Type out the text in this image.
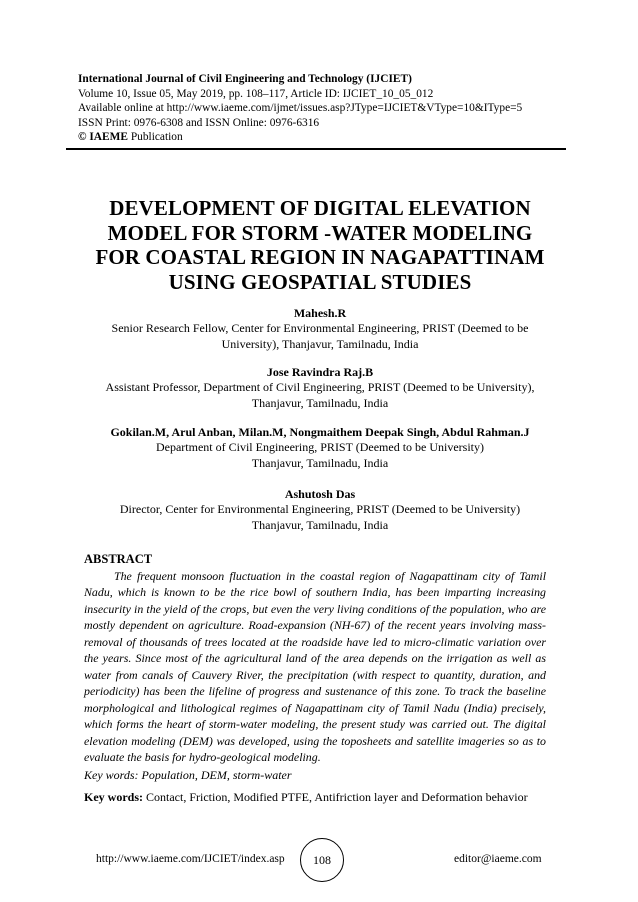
International Journal of Civil Engineering and Technology (IJCIET)
Volume 10, Issue 05, May 2019, pp. 108–117, Article ID: IJCIET_10_05_012
Available online at http://www.iaeme.com/ijmet/issues.asp?JType=IJCIET&VType=10&IType=5
ISSN Print: 0976-6308 and ISSN Online: 0976-6316
© IAEME Publication
DEVELOPMENT OF DIGITAL ELEVATION
MODEL FOR STORM -WATER MODELING
FOR COASTAL REGION IN NAGAPATTINAM
USING GEOSPATIAL STUDIES
Mahesh.R
Senior Research Fellow, Center for Environmental Engineering, PRIST (Deemed to be
University), Thanjavur, Tamilnadu, India
Jose Ravindra Raj.B
Assistant Professor, Department of Civil Engineering, PRIST (Deemed to be University),
Thanjavur, Tamilnadu, India
Gokilan.M, Arul Anban, Milan.M, Nongmaithem Deepak Singh, Abdul Rahman.J
Department of Civil Engineering, PRIST (Deemed to be University)
Thanjavur, Tamilnadu, India
Ashutosh Das
Director, Center for Environmental Engineering, PRIST (Deemed to be University)
Thanjavur, Tamilnadu, India
ABSTRACT

The frequent monsoon fluctuation in the coastal region of Nagapattinam city of Tamil Nadu, which is known to be the rice bowl of southern India, has been imparting increasing insecurity in the yield of the crops, but even the very living conditions of the population, who are mostly dependent on agriculture. Road-expansion (NH-67) of the recent years involving mass-removal of thousands of trees located at the roadside have led to micro-climatic variation over the years. Since most of the agricultural land of the area depends on the irrigation as well as water from canals of Cauvery River, the precipitation (with respect to quantity, duration, and periodicity) has been the lifeline of progress and sustenance of this zone. To track the baseline morphological and lithological regimes of Nagapattinam city of Tamil Nadu (India) precisely, which forms the heart of storm-water modeling, the present study was carried out. The digital elevation modeling (DEM) was developed, using the toposheets and satellite imageries so as to evaluate the basis for hydro-geological modeling.

Key words: Population, DEM, storm-water
Key words: Contact, Friction, Modified PTFE, Antifriction layer and Deformation behavior
http://www.iaeme.com/IJCIET/index.asp	108	editor@iaeme.com
